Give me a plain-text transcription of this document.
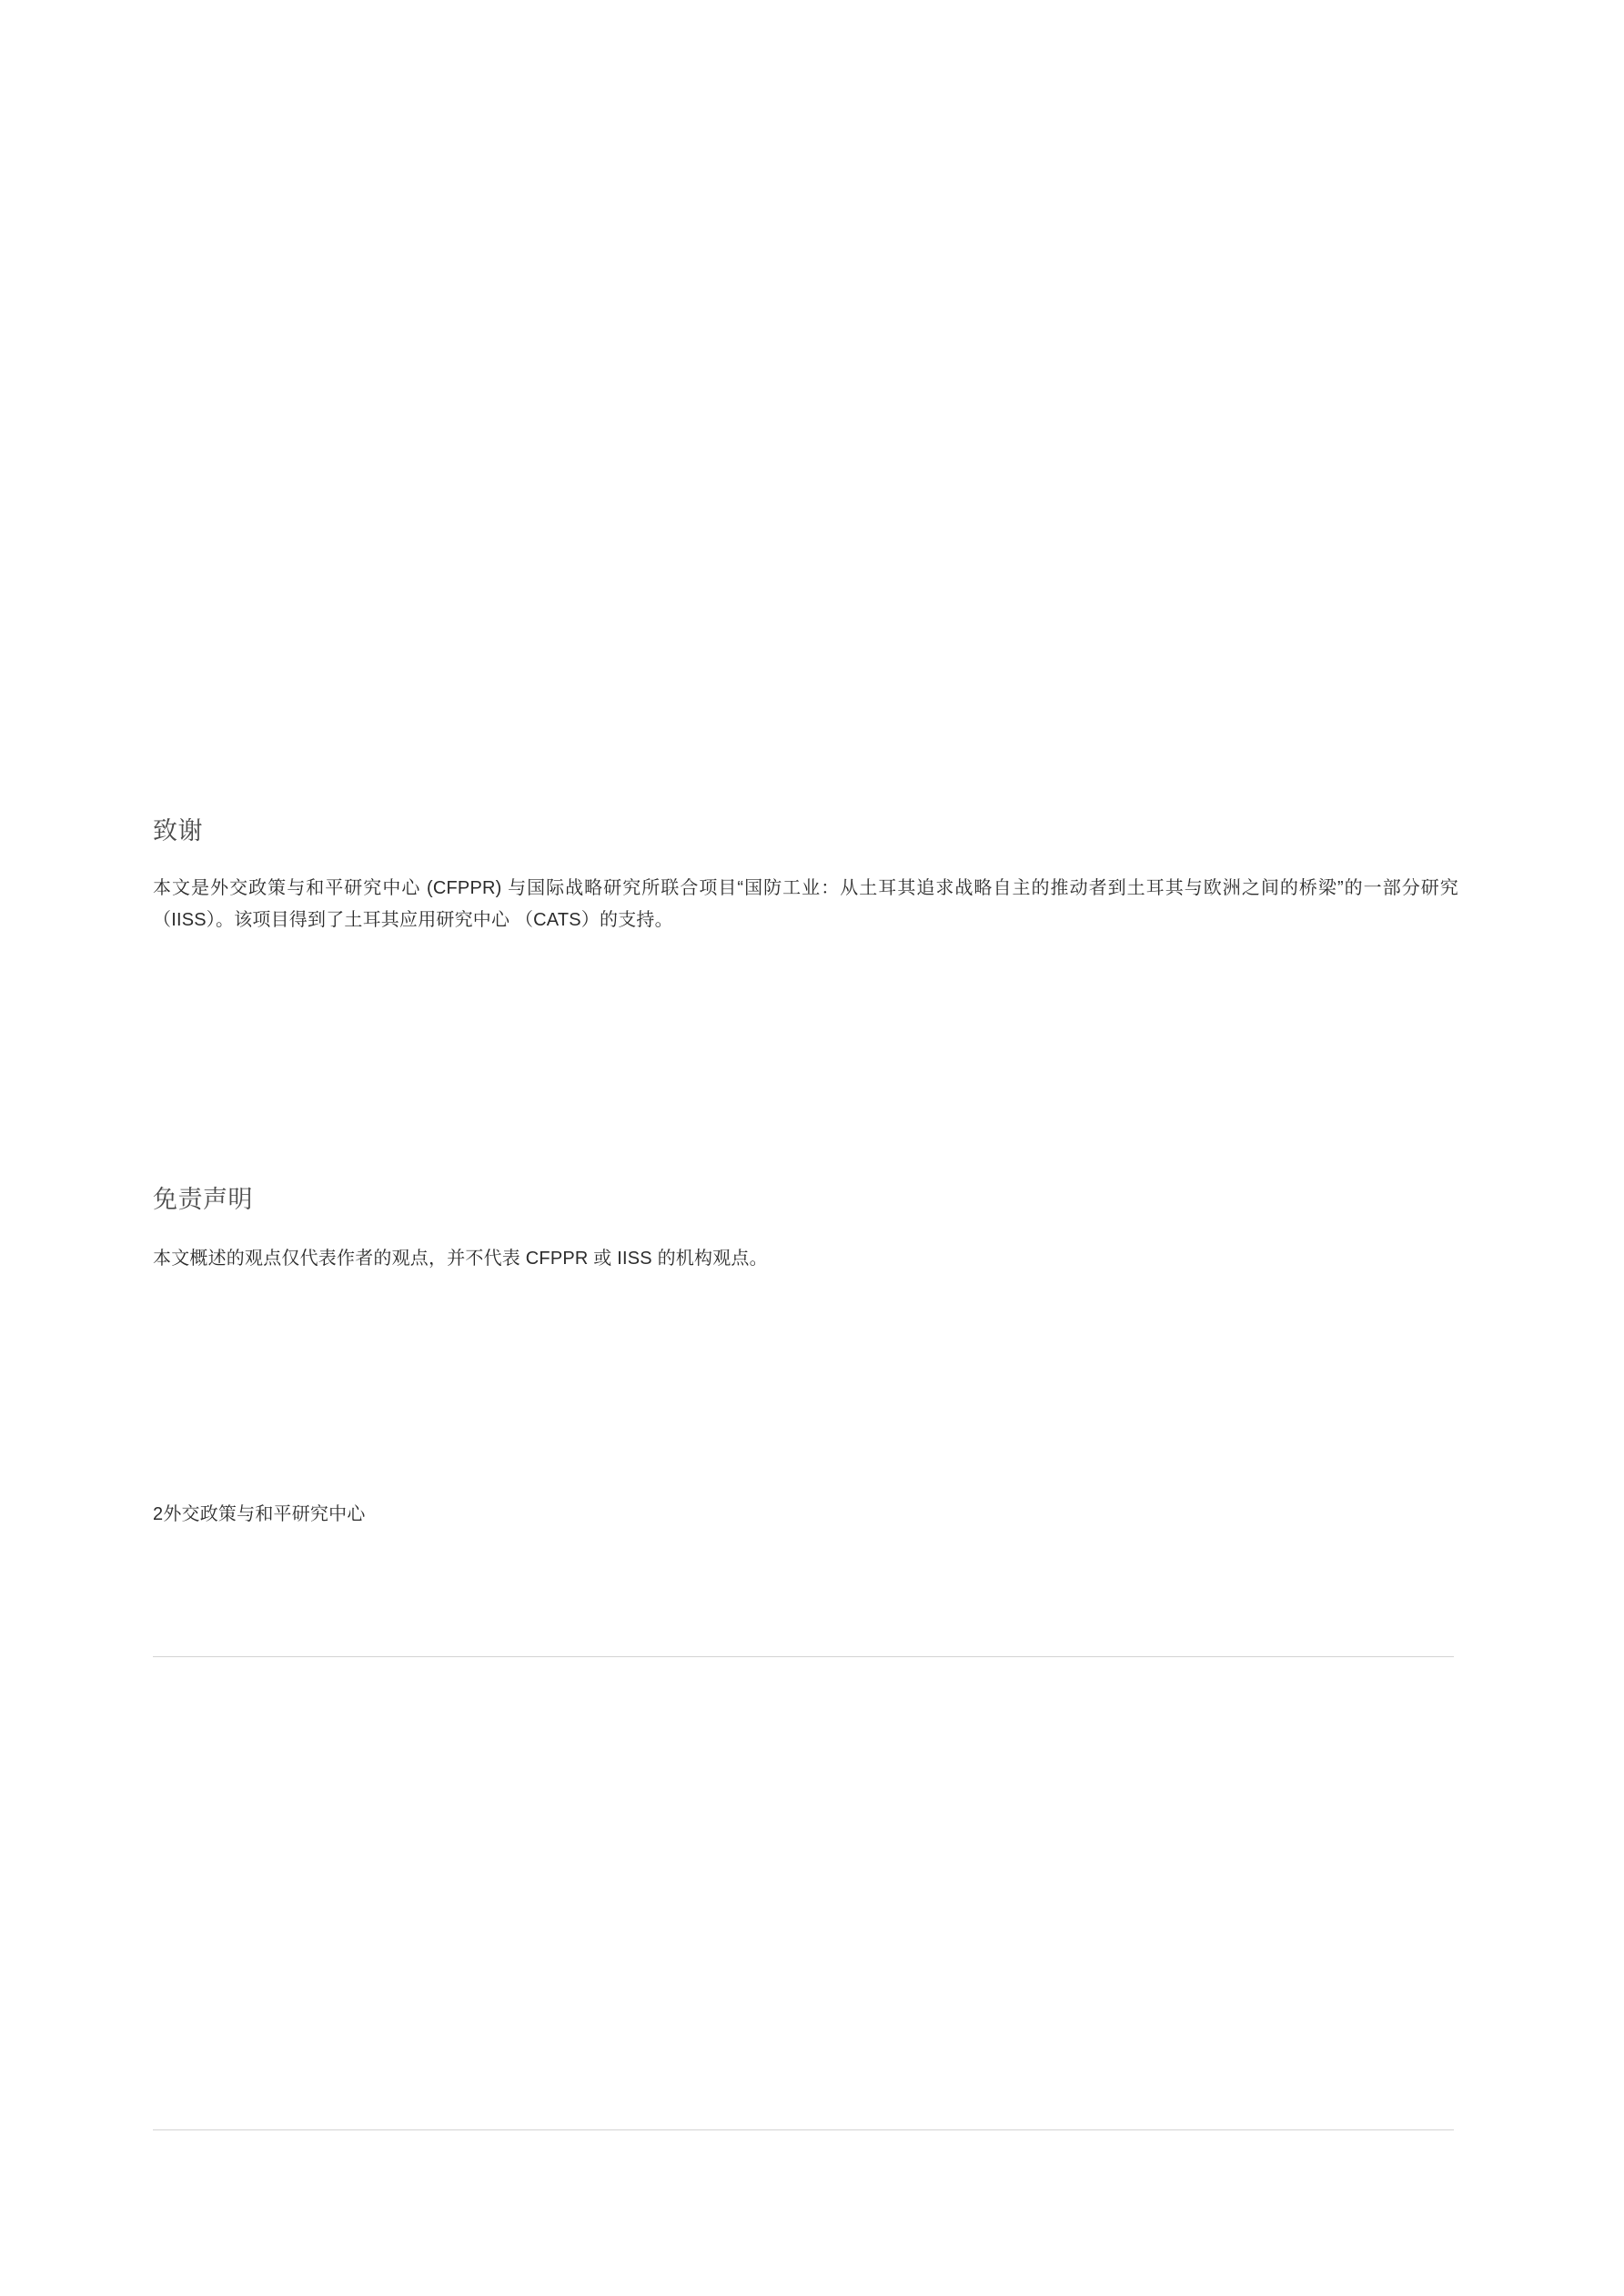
致谢

本文是外交政策与和平研究中心 (CFPPR) 与国际战略研究所联合项目“国防工业：从土耳其追求战略自主的推动者到土耳其与欧洲之间的桥梁”的一部分研究（IISS）。该项目得到了土耳其应用研究中心 （CATS）的支持。

免责声明

本文概述的观点仅代表作者的观点，并不代表 CFPPR 或 IISS 的机构观点。

2外交政策与和平研究中心
